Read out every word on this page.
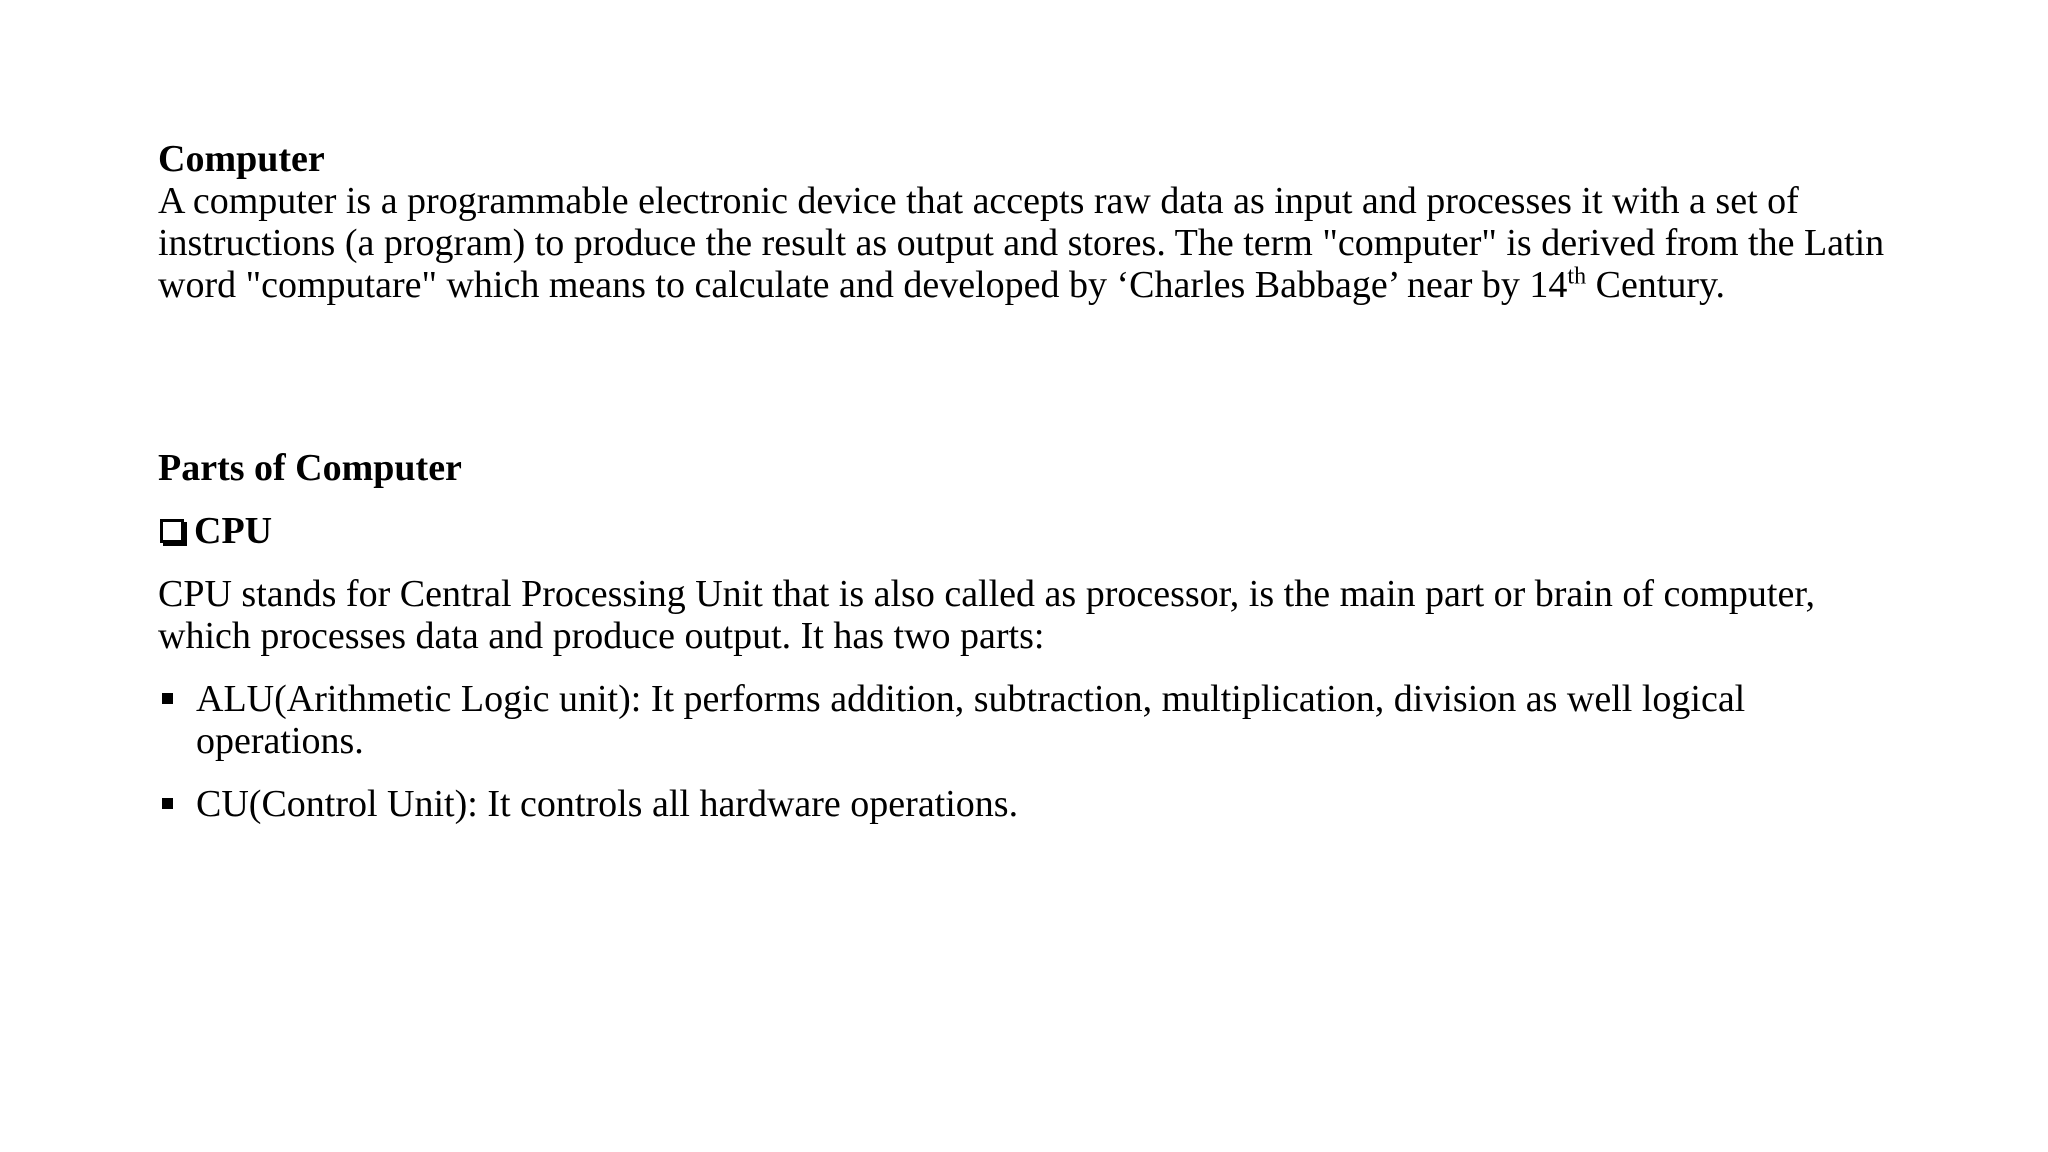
Computer

A computer is a programmable electronic device that accepts raw data as input and processes it with a set of instructions (a program) to produce the result as output and stores. The term "computer" is derived from the Latin word "computare" which means to calculate and developed by ‘Charles Babbage’ near by 14th Century.

Parts of Computer

CPU

CPU stands for Central Processing Unit that is also called as processor, is the main part or brain of computer, which processes data and produce output. It has two parts:

ALU(Arithmetic Logic unit): It performs addition, subtraction, multiplication, division as well logical operations.
CU(Control Unit): It controls all hardware operations.
